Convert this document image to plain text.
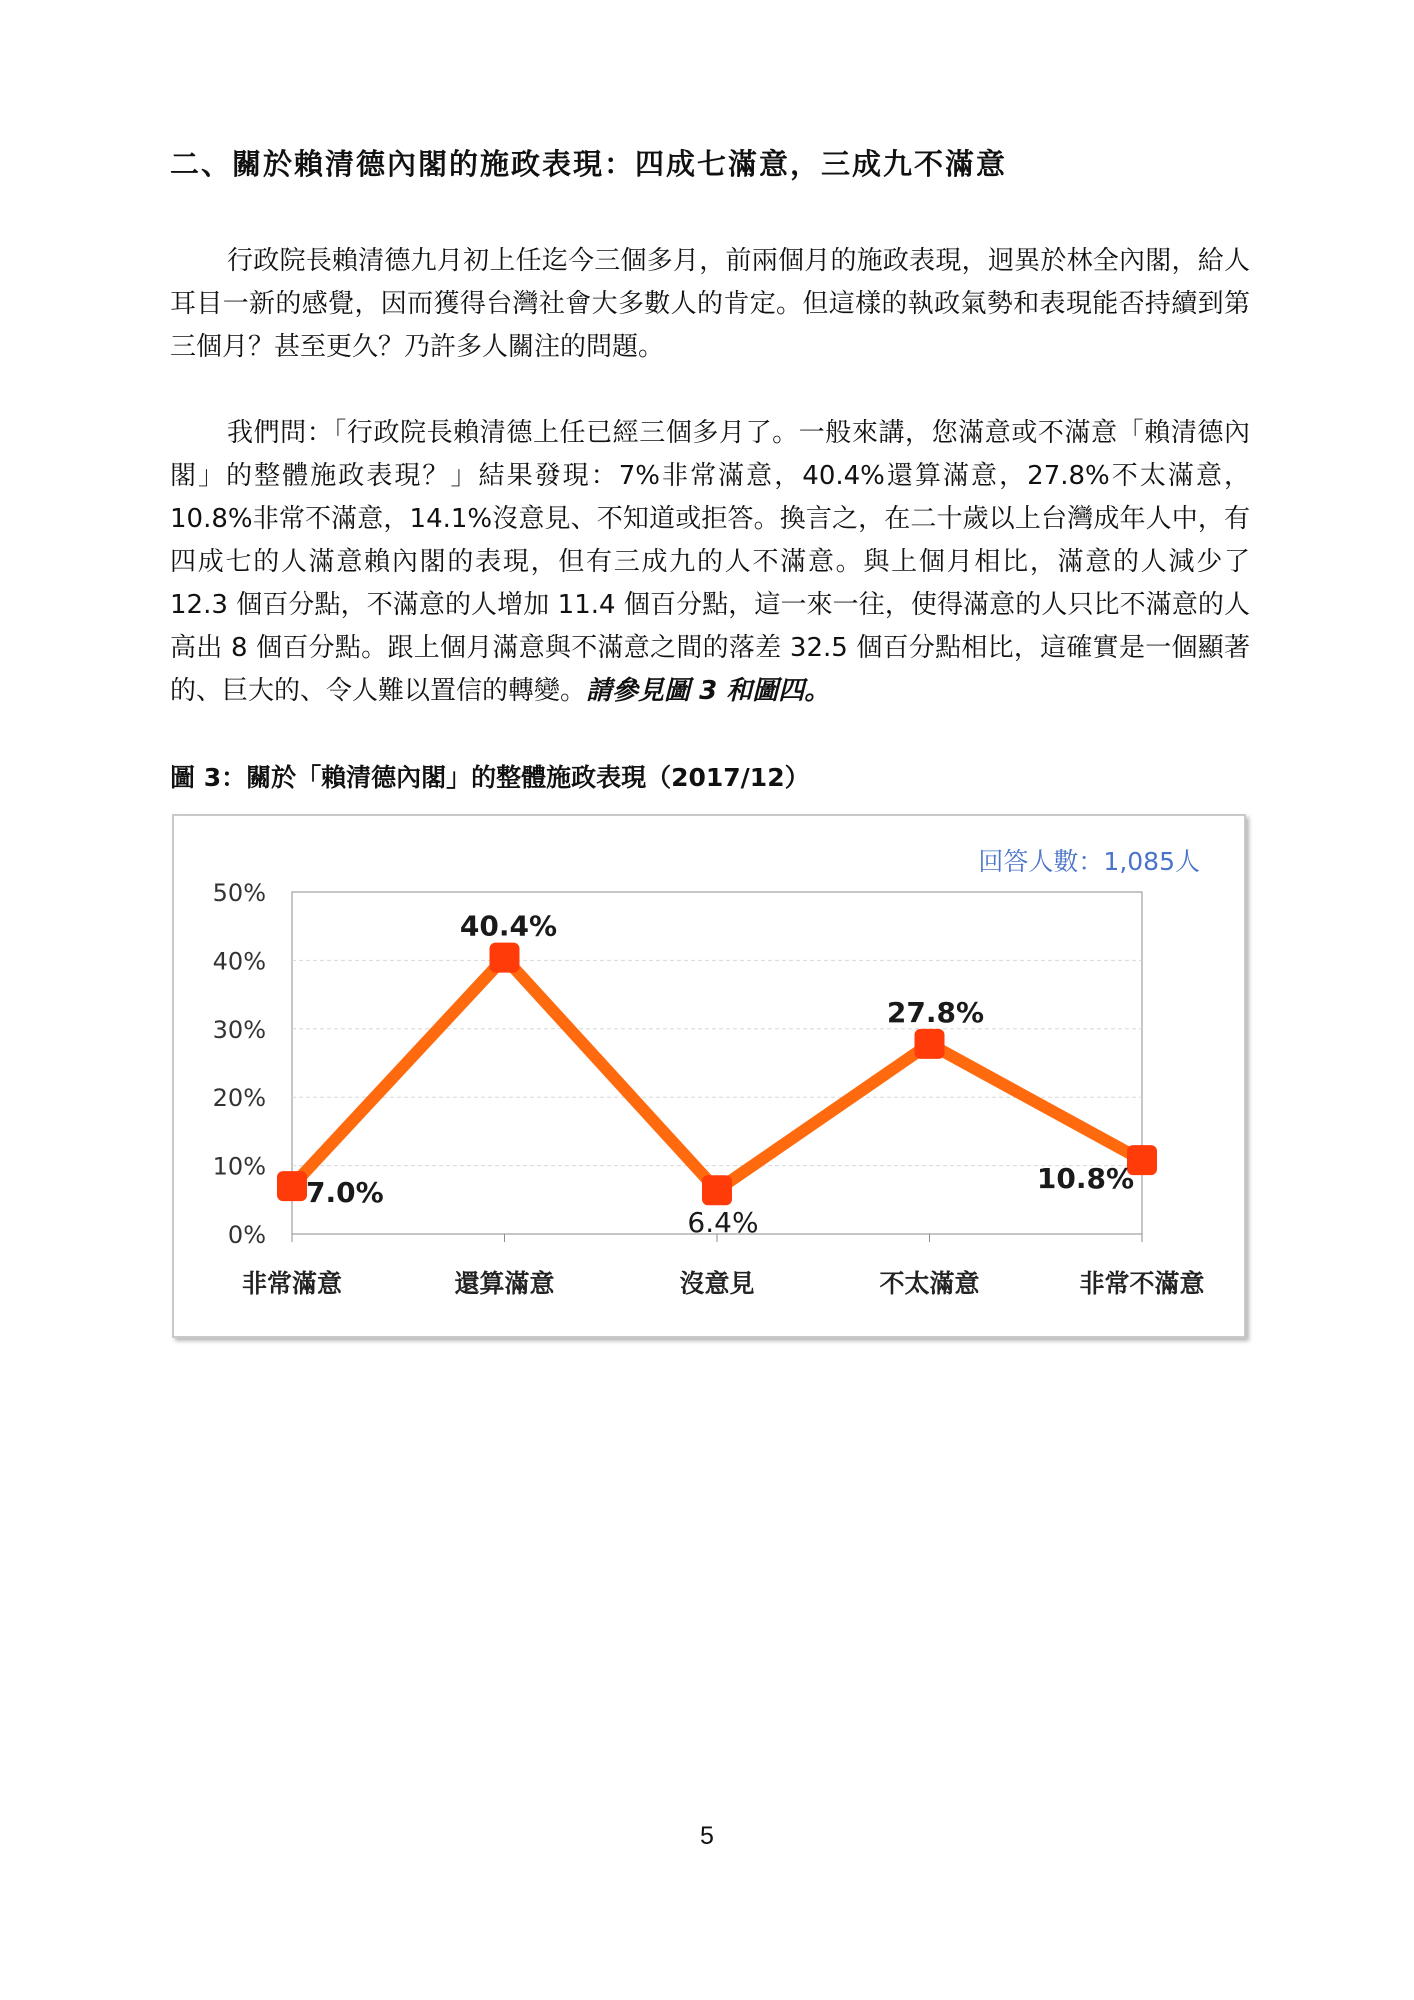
二、關於賴清德內閣的施政表現：四成七滿意，三成九不滿意
行政院長賴清德九月初上任迄今三個多月，前兩個月的施政表現，迥異於林全內閣，給人耳目一新的感覺，因而獲得台灣社會大多數人的肯定。但這樣的執政氣勢和表現能否持續到第三個月？甚至更久？乃許多人關注的問題。
我們問：「行政院長賴清德上任已經三個多月了。一般來講，您滿意或不滿意「賴清德內閣」的整體施政表現？」結果發現：7%非常滿意，40.4%還算滿意，27.8%不太滿意，10.8%非常不滿意，14.1%沒意見、不知道或拒答。換言之，在二十歲以上台灣成年人中，有四成七的人滿意賴內閣的表現，但有三成九的人不滿意。與上個月相比，滿意的人減少了 12.3 個百分點，不滿意的人增加 11.4 個百分點，這一來一往，使得滿意的人只比不滿意的人高出 8 個百分點。跟上個月滿意與不滿意之間的落差 32.5 個百分點相比，這確實是一個顯著的、巨大的、令人難以置信的轉變。請參見圖 3 和圖四。
圖 3：關於「賴清德內閣」的整體施政表現（2017/12）
0%
10%
20%
30%
40%
50%
非常滿意	還算滿意	沒意見	不太滿意	非常不滿意
7.0%
40.4%
6.4%
27.8%
10.8%
回答人數：1,085人
5
